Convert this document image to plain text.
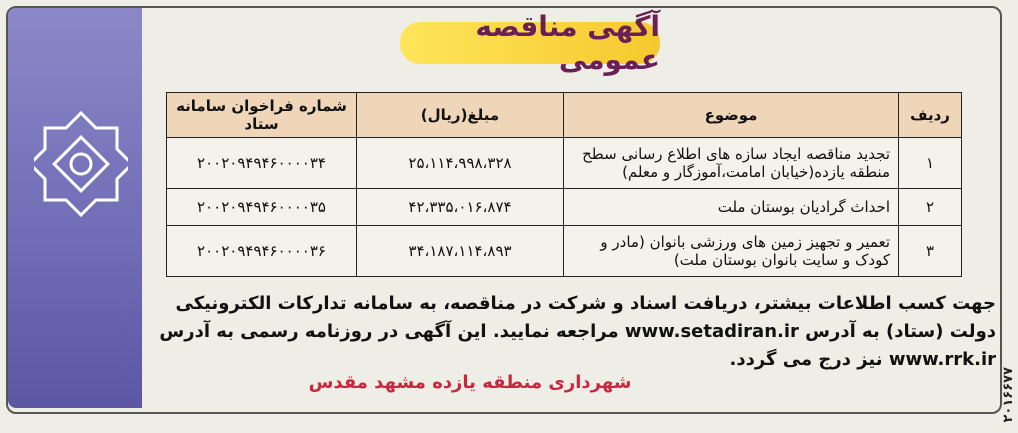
آگهی مناقصه عمومی
ردیف	موضوع	مبلغ(ریال)	شماره فراخوان سامانه ستاد
۱	تجدید مناقصه ایجاد سازه های اطلاع رسانی سطح منطقه یازده(خیابان امامت،آموزگار و معلم)	۲۵،۱۱۴،۹۹۸،۳۲۸	۲۰۰۲۰۹۴۹۴۶۰۰۰۰۳۴
۲	احداث گرادیان بوستان ملت	۴۲،۳۳۵،۰۱۶،۸۷۴	۲۰۰۲۰۹۴۹۴۶۰۰۰۰۳۵
۳	تعمیر و تجهیز زمین های ورزشی بانوان (مادر و کودک و سایت بانوان بوستان ملت)	۳۴،۱۸۷،۱۱۴،۸۹۳	۲۰۰۲۰۹۴۹۴۶۰۰۰۰۳۶
جهت کسب اطلاعات بیشتر، دریافت اسناد و شرکت در مناقصه، به سامانه تدارکات الکترونیکی دولت (ستاد) به آدرس www.setadiran.ir مراجعه نمایید. این آگهی در روزنامه رسمی به آدرس www.rrk.ir نیز درج می گردد.
شهرداری منطقه یازده مشهد مقدس	۲۰۱۶۶۷۷
